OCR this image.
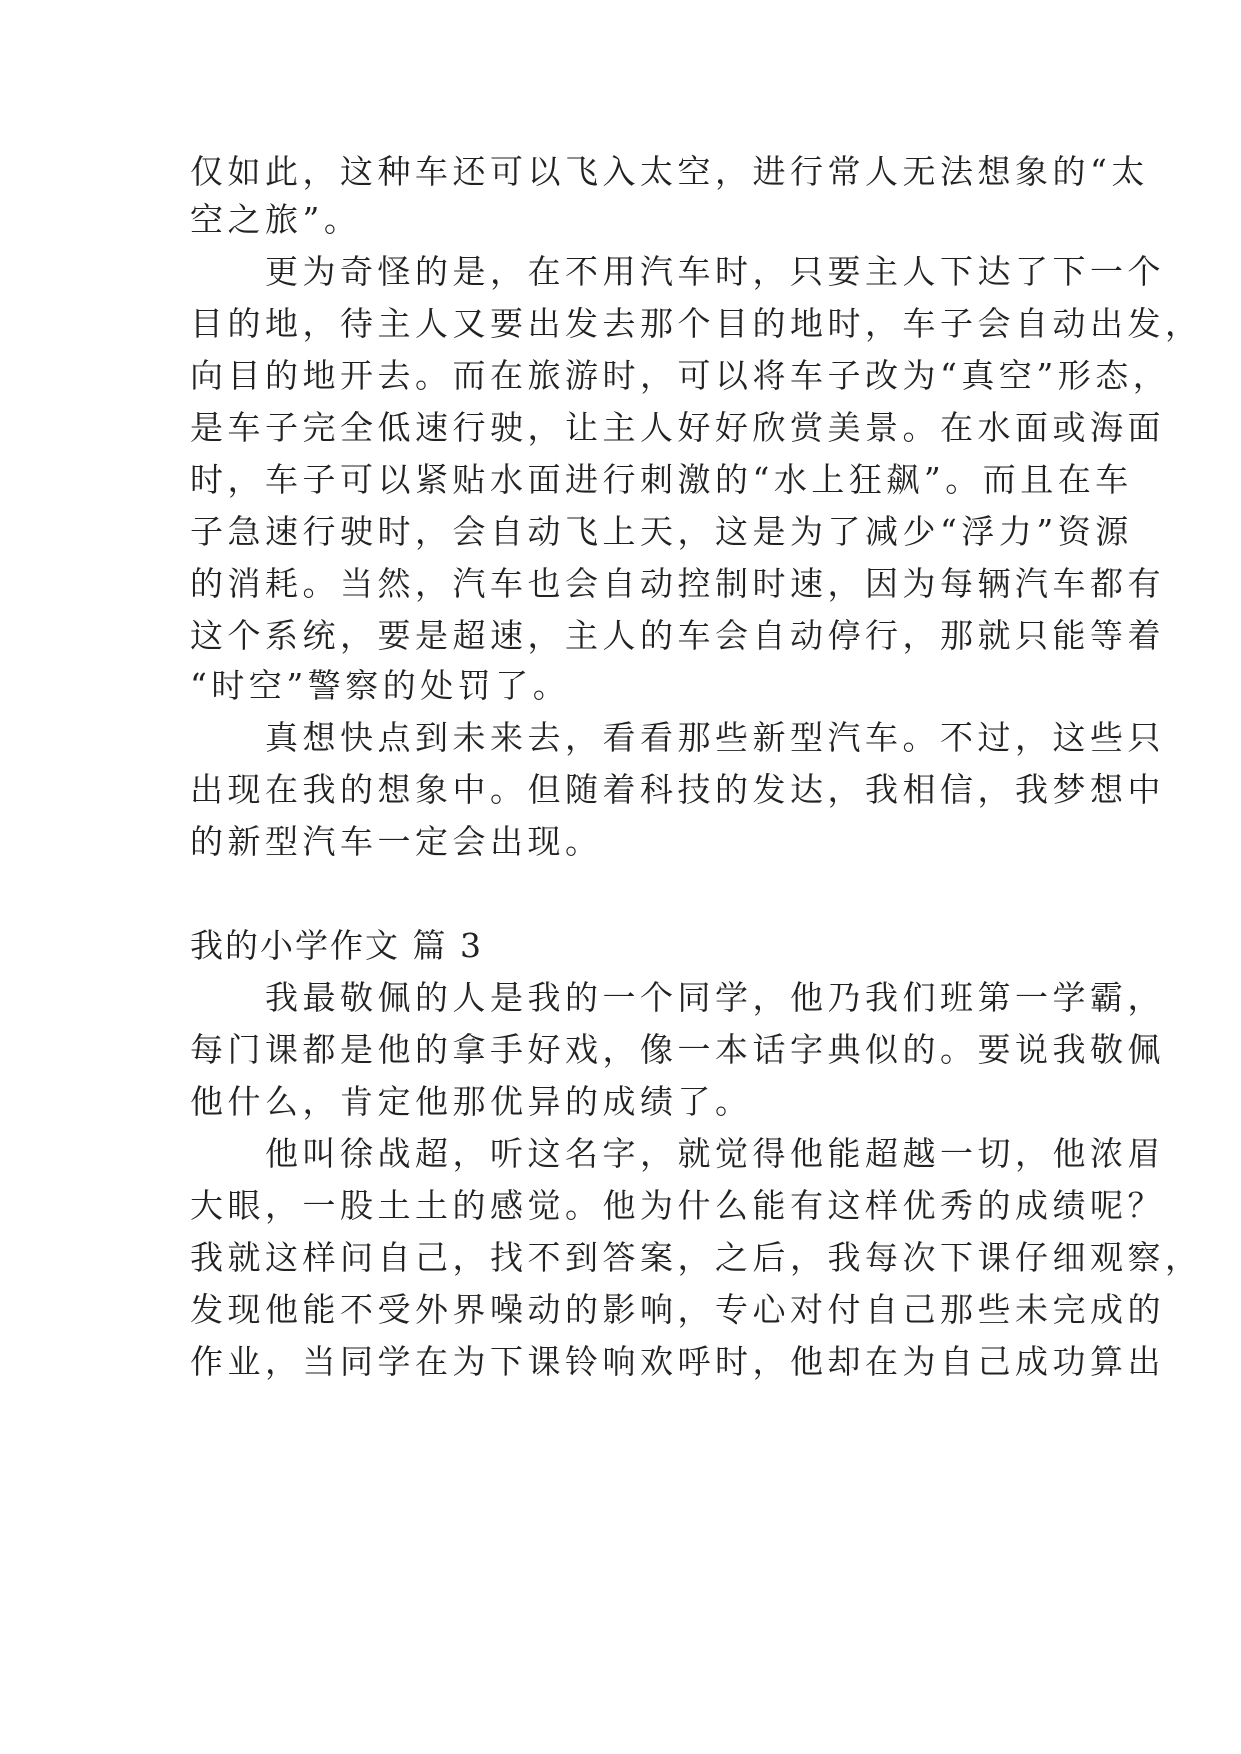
仅如此，这种车还可以飞入太空，进行常人无法想象的“太
空之旅”。
　　更为奇怪的是，在不用汽车时，只要主人下达了下一个
目的地，待主人又要出发去那个目的地时，车子会自动出发，
向目的地开去。而在旅游时，可以将车子改为“真空”形态，
是车子完全低速行驶，让主人好好欣赏美景。在水面或海面
时，车子可以紧贴水面进行刺激的“水上狂飙”。而且在车
子急速行驶时，会自动飞上天，这是为了减少“浮力”资源
的消耗。当然，汽车也会自动控制时速，因为每辆汽车都有
这个系统，要是超速，主人的车会自动停行，那就只能等着
“时空”警察的处罚了。
　　真想快点到未来去，看看那些新型汽车。不过，这些只
出现在我的想象中。但随着科技的发达，我相信，我梦想中
的新型汽车一定会出现。
我的小学作文 篇 3
　　我最敬佩的人是我的一个同学，他乃我们班第一学霸，
每门课都是他的拿手好戏，像一本话字典似的。要说我敬佩
他什么，肯定他那优异的成绩了。
　　他叫徐战超，听这名字，就觉得他能超越一切，他浓眉
大眼，一股土土的感觉。他为什么能有这样优秀的成绩呢？
我就这样问自己，找不到答案，之后，我每次下课仔细观察，
发现他能不受外界噪动的影响，专心对付自己那些未完成的
作业，当同学在为下课铃响欢呼时，他却在为自己成功算出
